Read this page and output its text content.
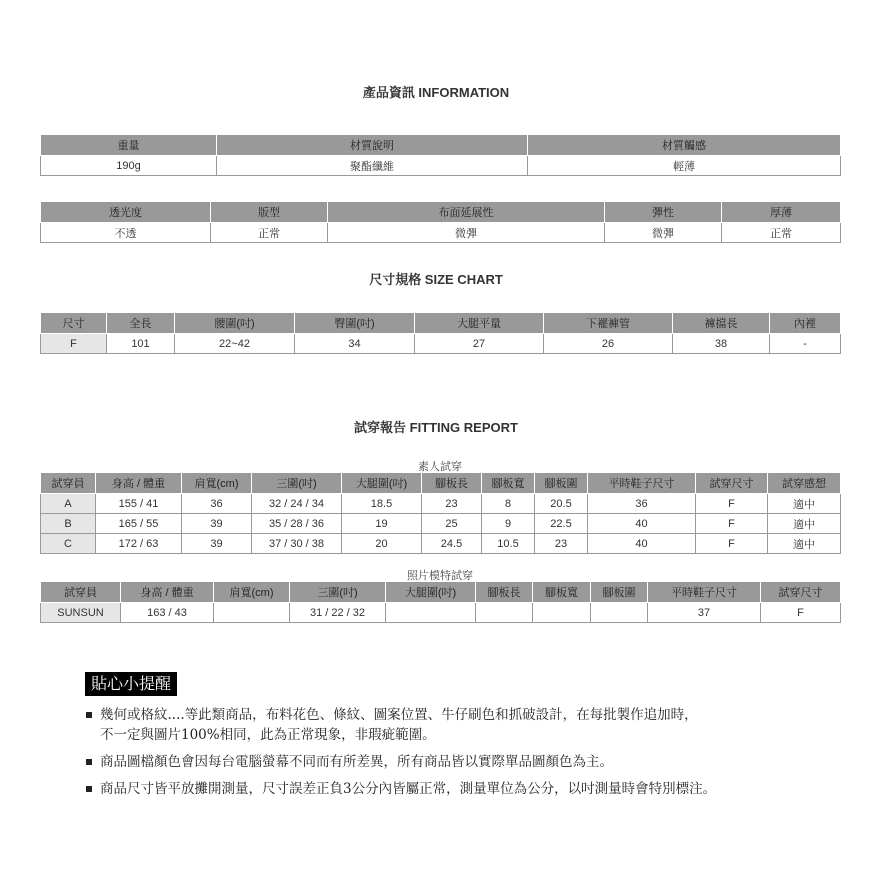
產品資訊 INFORMATION
重量	材質說明	材質觸感
190g	聚酯纖維	輕薄
透光度	版型	布面延展性	彈性	厚薄
不透	正常	微彈	微彈	正常
尺寸規格 SIZE CHART
尺寸	全長	腰圍(吋)	臀圍(吋)	大腿平量	下襬褲管	褲擋長	內裡
F	101	22~42	34	27	26	38	-
試穿報告 FITTING REPORT
素人試穿
試穿員	身高 / 體重	肩寬(cm)	三圍(吋)	大腿圍(吋)	腳板長	腳板寬	腳板圍	平時鞋子尺寸	試穿尺寸	試穿感想
A	155 / 41	36	32 / 24 / 34	18.5	23	8	20.5	36	F	適中
B	165 / 55	39	35 / 28 / 36	19	25	9	22.5	40	F	適中
C	172 / 63	39	37 / 30 / 38	20	24.5	10.5	23	40	F	適中
照片模特試穿
試穿員	身高 / 體重	肩寬(cm)	三圍(吋)	大腿圍(吋)	腳板長	腳板寬	腳板圍	平時鞋子尺寸	試穿尺寸
SUNSUN	163 / 43		31 / 22 / 32					37	F
貼心小提醒
幾何或格紋....等此類商品，布料花色、條紋、圖案位置、牛仔刷色和抓破設計，在每批製作追加時，
不一定與圖片100%相同，此為正常現象，非瑕疵範圍。
商品圖檔顏色會因每台電腦螢幕不同而有所差異，所有商品皆以實際單品圖顏色為主。
商品尺寸皆平放攤開測量，尺寸誤差正負3公分內皆屬正常，測量單位為公分，以吋測量時會特別標注。
